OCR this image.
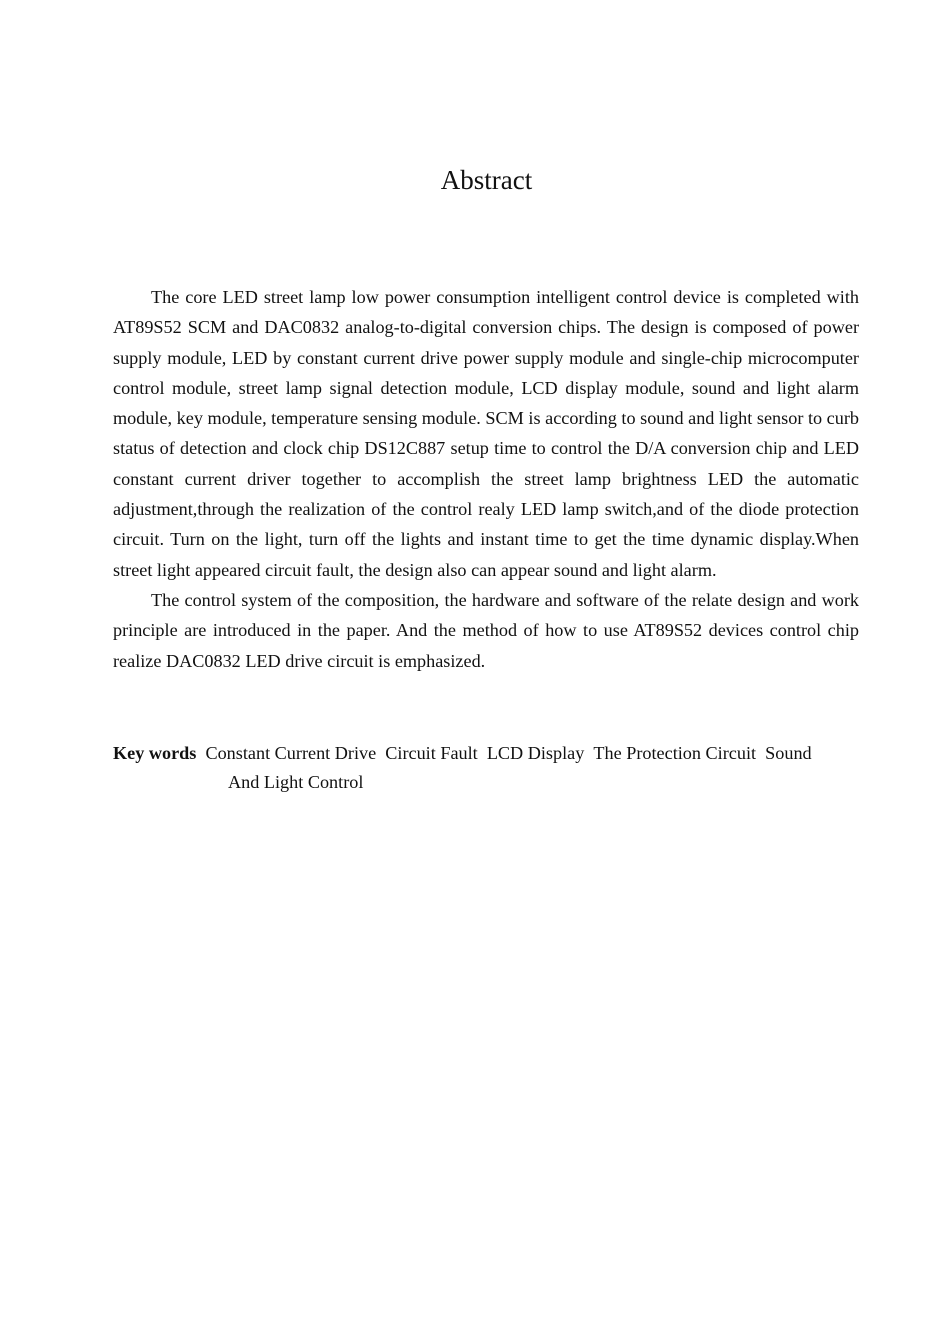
Abstract

The core LED street lamp low power consumption intelligent control device is completed with AT89S52 SCM and DAC0832 analog-to-digital conversion chips. The design is composed of power supply module, LED by constant current drive power supply module and single-chip microcomputer control module, street lamp signal detection module, LCD display module, sound and light alarm module, key module, temperature sensing module. SCM is according to sound and light sensor to curb status of detection and clock chip DS12C887 setup time to control the D/A conversion chip and LED constant current driver together to accomplish the street lamp brightness LED the automatic adjustment,through the realization of the control realy LED lamp switch,and of the diode protection circuit. Turn on the light, turn off the lights and instant time to get the time dynamic display.When street light appeared circuit fault, the design also can appear sound and light alarm.

The control system of the composition, the hardware and software of the relate design and work principle are introduced in the paper. And the method of how to use AT89S52 devices control chip realize DAC0832 LED drive circuit is emphasized.

Key words Constant Current Drive  Circuit Fault  LCD Display  The Protection Circuit  Sound
And Light Control
